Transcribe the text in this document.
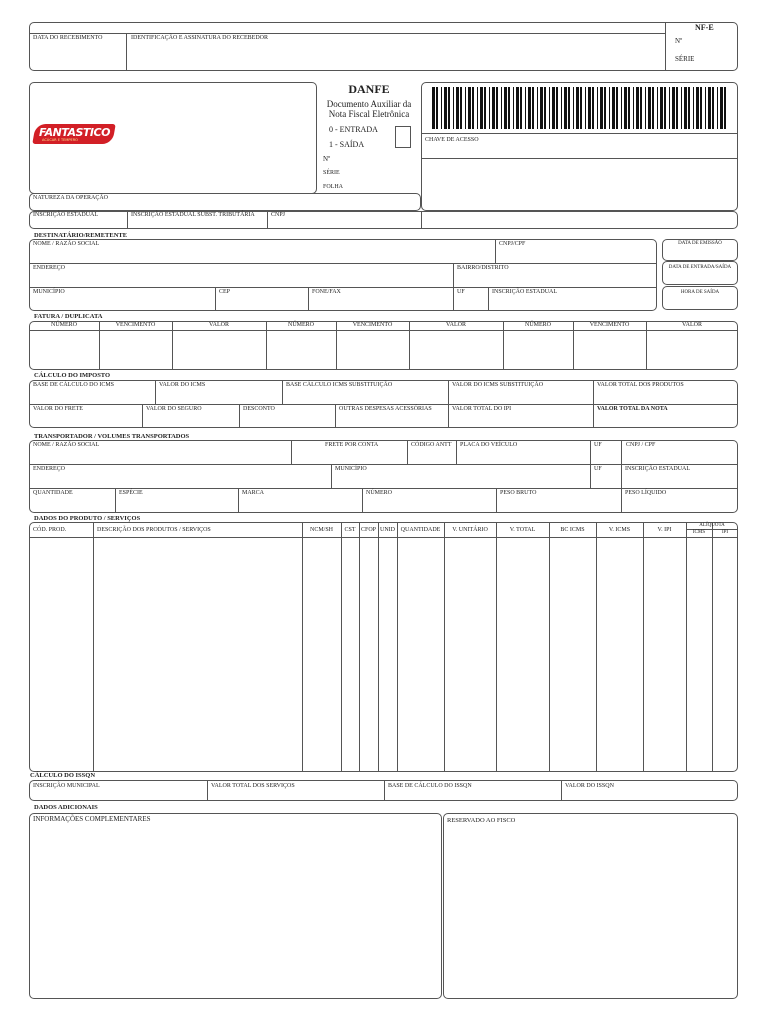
DATA DO RECEBIMENTO	IDENTIFICAÇÃO E ASSINATURA DO RECEBEDOR
NF-E
Nº
SÉRIE
FANTASTICO
ACÚCAR E TEMPERO
DANFE
Documento Auxiliar da
Nota Fiscal Eletrônica
0 - ENTRADA
1 - SAÍDA
Nº
SÉRIE
FOLHA
CHAVE DE ACESSO
NATUREZA DA OPERAÇÃO
INSCRIÇÃO ESTADUAL	INSCRIÇÃO ESTADUAL SUBST. TRIBUTÁRIA	CNPJ
DESTINATÁRIO/REMETENTE
NOME / RAZÃO SOCIAL	CNPJ/CPF
ENDEREÇO	BAIRRO/DISTRITO
MUNICÍPIO	CEP	FONE/FAX	UF	INSCRIÇÃO ESTADUAL
DATA DE EMISSÃO
DATA DE ENTRADA/SAÍDA
HORA DE SAÍDA
FATURA / DUPLICATA
NÚMERO	VENCIMENTO	VALOR	NÚMERO	VENCIMENTO	VALOR	NÚMERO	VENCIMENTO	VALOR
CÁLCULO DO IMPOSTO
BASE DE CÁLCULO DO ICMS	VALOR DO ICMS	BASE CÁLCULO ICMS SUBSTITUIÇÃO	VALOR DO ICMS SUBSTITUIÇÃO	VALOR TOTAL DOS PRODUTOS
VALOR DO FRETE	VALOR DO SEGURO	DESCONTO	OUTRAS DESPESAS ACESSÓRIAS	VALOR TOTAL DO IPI	VALOR TOTAL DA NOTA
TRANSPORTADOR / VOLUMES TRANSPORTADOS
NOME / RAZÃO SOCIAL	FRETE POR CONTA	CÓDIGO ANTT PLACA DO VEÍCULO	UF	CNPJ / CPF
ENDEREÇO	MUNICÍPIO	UF	INSCRIÇÃO ESTADUAL
QUANTIDADE	ESPÉCIE	MARCA	NÚMERO	PESO BRUTO	PESO LÍQUIDO
DADOS DO PRODUTO / SERVIÇOS
CÓD. PROD.	DESCRIÇÃO DOS PRODUTOS / SERVIÇOS	NCM/SH	CST CFOP UNID QUANTIDADE	V. UNITÁRIO	V. TOTAL	BC ICMS	V. ICMS	V. IPI
ALÍQUOTA
ICMS	IPI
CÁLCULO DO ISSQN
INSCRIÇÃO MUNICIPAL	VALOR TOTAL DOS SERVIÇOS	BASE DE CÁLCULO DO ISSQN	VALOR DO ISSQN
DADOS ADICIONAIS
INFORMAÇÕES COMPLEMENTARES	RESERVADO AO FISCO
